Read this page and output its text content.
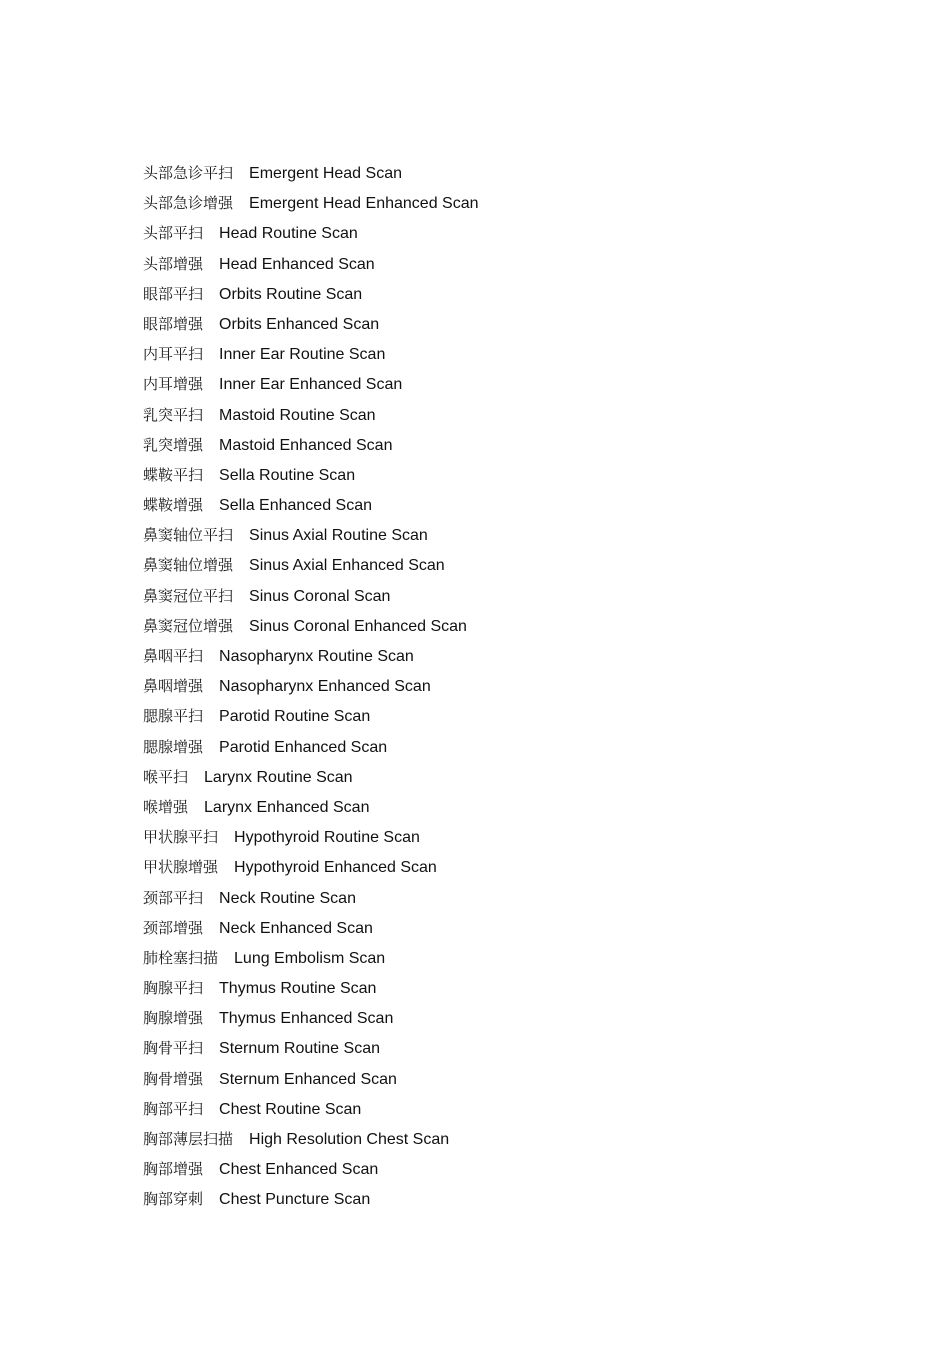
头部急诊平扫 Emergent Head Scan
头部急诊增强 Emergent Head Enhanced Scan
头部平扫 Head Routine Scan
头部增强 Head Enhanced Scan
眼部平扫 Orbits Routine Scan
眼部增强 Orbits Enhanced Scan
内耳平扫 Inner Ear Routine Scan
内耳增强 Inner Ear Enhanced Scan
乳突平扫 Mastoid Routine Scan
乳突增强 Mastoid Enhanced Scan
蝶鞍平扫 Sella Routine Scan
蝶鞍增强 Sella Enhanced Scan
鼻窦轴位平扫 Sinus Axial Routine Scan
鼻窦轴位增强 Sinus Axial Enhanced Scan
鼻窦冠位平扫 Sinus Coronal Scan
鼻窦冠位增强 Sinus Coronal Enhanced Scan
鼻咽平扫 Nasopharynx Routine Scan
鼻咽增强 Nasopharynx Enhanced Scan
腮腺平扫 Parotid Routine Scan
腮腺增强 Parotid Enhanced Scan
喉平扫 Larynx Routine Scan
喉增强 Larynx Enhanced Scan
甲状腺平扫 Hypothyroid Routine Scan
甲状腺增强 Hypothyroid Enhanced Scan
颈部平扫 Neck Routine Scan
颈部增强 Neck Enhanced Scan
肺栓塞扫描 Lung Embolism Scan
胸腺平扫 Thymus Routine Scan
胸腺增强 Thymus Enhanced Scan
胸骨平扫 Sternum Routine Scan
胸骨增强 Sternum Enhanced Scan
胸部平扫 Chest Routine Scan
胸部薄层扫描 High Resolution Chest Scan
胸部增强 Chest Enhanced Scan
胸部穿刺 Chest Puncture Scan
